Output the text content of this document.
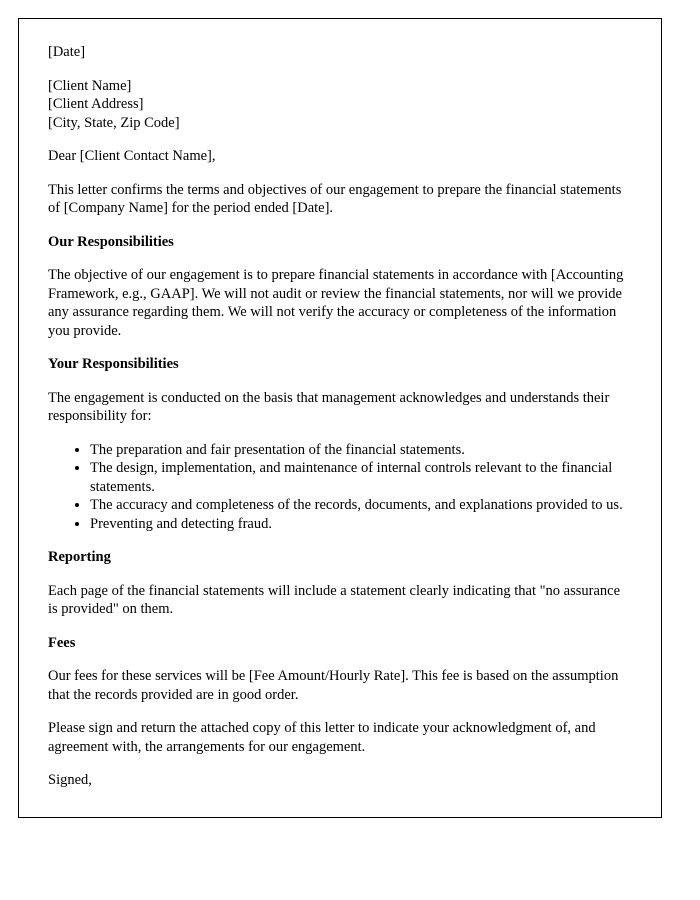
[Date]

[Client Name]
[Client Address]
[City, State, Zip Code]

Dear [Client Contact Name],

This letter confirms the terms and objectives of our engagement to prepare the financial statements of [Company Name] for the period ended [Date].

Our Responsibilities

The objective of our engagement is to prepare financial statements in accordance with [Accounting Framework, e.g., GAAP]. We will not audit or review the financial statements, nor will we provide any assurance regarding them. We will not verify the accuracy or completeness of the information you provide.

Your Responsibilities

The engagement is conducted on the basis that management acknowledges and understands their responsibility for:

• The preparation and fair presentation of the financial statements.
• The design, implementation, and maintenance of internal controls relevant to the financial statements.
• The accuracy and completeness of the records, documents, and explanations provided to us.
• Preventing and detecting fraud.

Reporting

Each page of the financial statements will include a statement clearly indicating that "no assurance is provided" on them.

Fees

Our fees for these services will be [Fee Amount/Hourly Rate]. This fee is based on the assumption that the records provided are in good order.

Please sign and return the attached copy of this letter to indicate your acknowledgment of, and agreement with, the arrangements for our engagement.

Signed,
